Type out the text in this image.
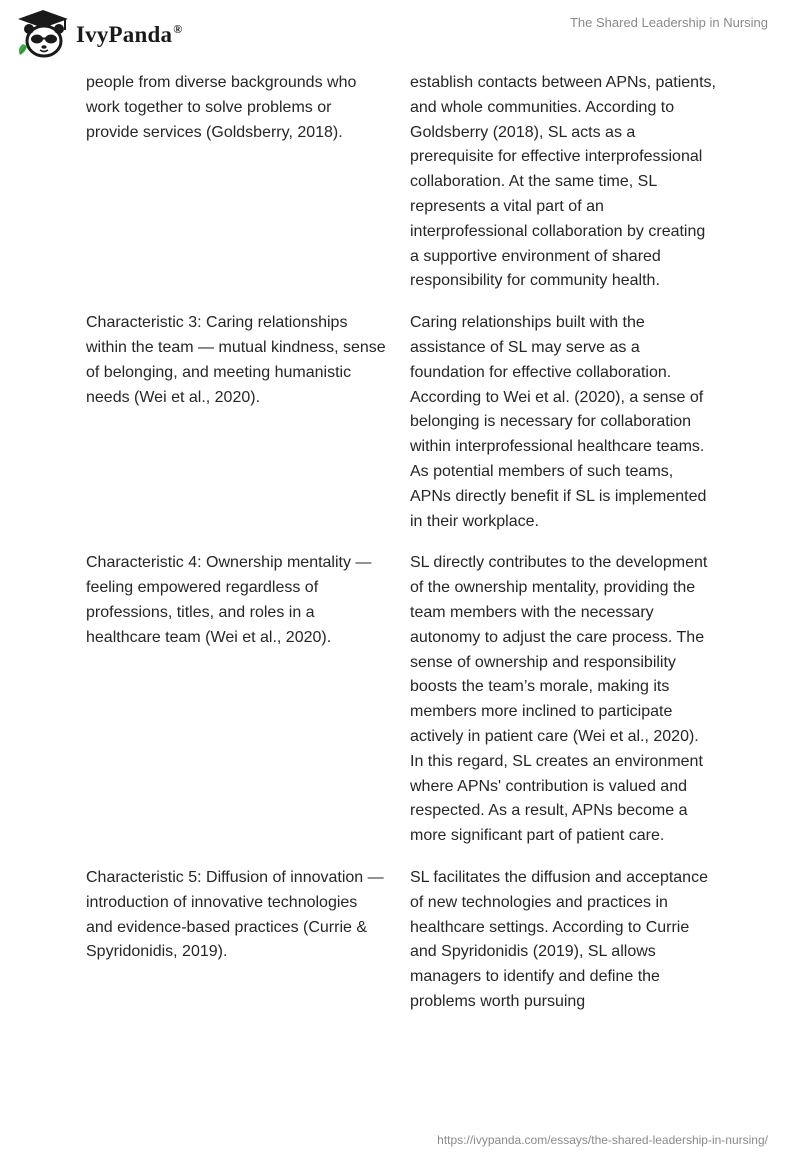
IvyPanda®	The Shared Leadership in Nursing
people from diverse backgrounds who work together to solve problems or provide services (Goldsberry, 2018).
establish contacts between APNs, patients, and whole communities. According to Goldsberry (2018), SL acts as a prerequisite for effective interprofessional collaboration. At the same time, SL represents a vital part of an interprofessional collaboration by creating a supportive environment of shared responsibility for community health.
Characteristic 3: Caring relationships within the team — mutual kindness, sense of belonging, and meeting humanistic needs (Wei et al., 2020).
Caring relationships built with the assistance of SL may serve as a foundation for effective collaboration. According to Wei et al. (2020), a sense of belonging is necessary for collaboration within interprofessional healthcare teams. As potential members of such teams, APNs directly benefit if SL is implemented in their workplace.
Characteristic 4: Ownership mentality — feeling empowered regardless of professions, titles, and roles in a healthcare team (Wei et al., 2020).
SL directly contributes to the development of the ownership mentality, providing the team members with the necessary autonomy to adjust the care process. The sense of ownership and responsibility boosts the team’s morale, making its members more inclined to participate actively in patient care (Wei et al., 2020). In this regard, SL creates an environment where APNs' contribution is valued and respected. As a result, APNs become a more significant part of patient care.
Characteristic 5: Diffusion of innovation — introduction of innovative technologies and evidence-based practices (Currie & Spyridonidis, 2019).
SL facilitates the diffusion and acceptance of new technologies and practices in healthcare settings. According to Currie and Spyridonidis (2019), SL allows managers to identify and define the problems worth pursuing
https://ivypanda.com/essays/the-shared-leadership-in-nursing/
